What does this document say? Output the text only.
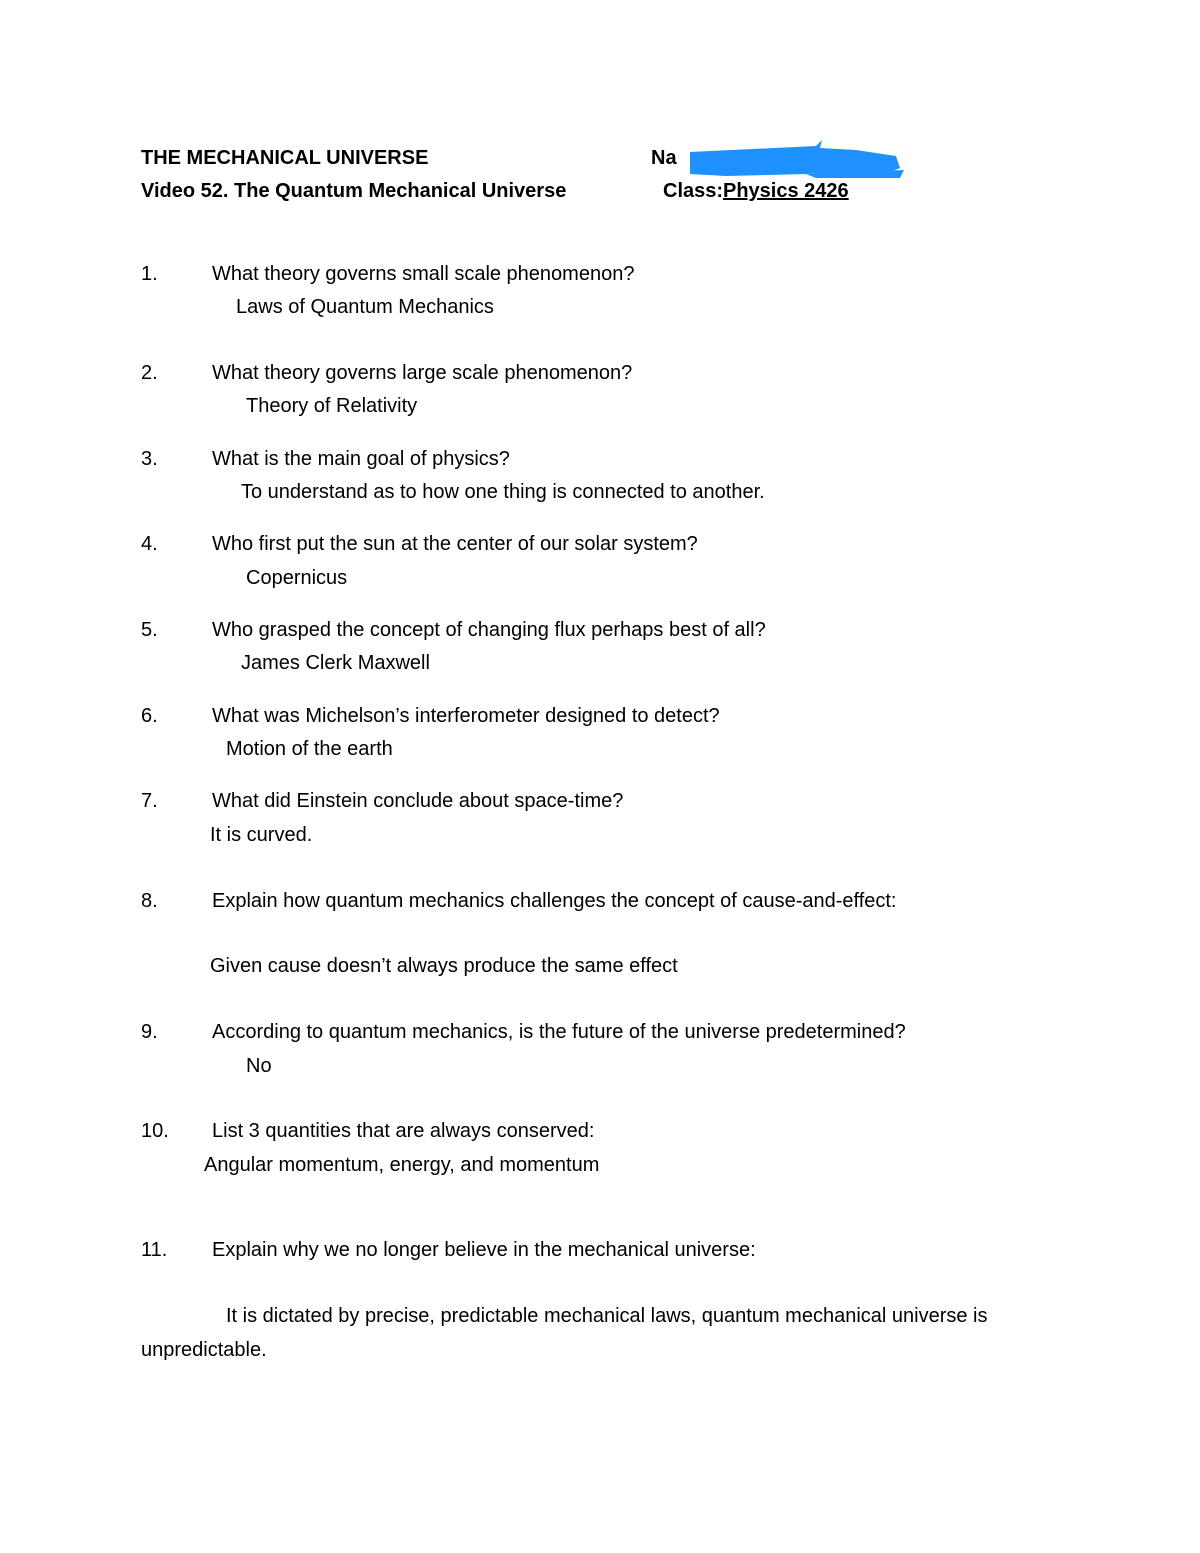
THE MECHANICAL UNIVERSE	Na
Video 52. The Quantum Mechanical Universe	Class: Physics 2426
1.	What theory governs small scale phenomenon?
Laws of Quantum Mechanics
2.	What theory governs large scale phenomenon?
Theory of Relativity
3.	What is the main goal of physics?
To understand as to how one thing is connected to another.
4.	Who first put the sun at the center of our solar system?
Copernicus
5.	Who grasped the concept of changing flux perhaps best of all?
James Clerk Maxwell
6.	What was Michelson’s interferometer designed to detect?
Motion of the earth
7.	What did Einstein conclude about space-time?
It is curved.
8.	Explain how quantum mechanics challenges the concept of cause-and-effect:
Given cause doesn’t always produce the same effect
9.	According to quantum mechanics, is the future of the universe predetermined?
No
10. List 3 quantities that are always conserved:
Angular momentum, energy, and momentum
11. Explain why we no longer believe in the mechanical universe:
It is dictated by precise, predictable mechanical laws, quantum mechanical universe is
unpredictable.
